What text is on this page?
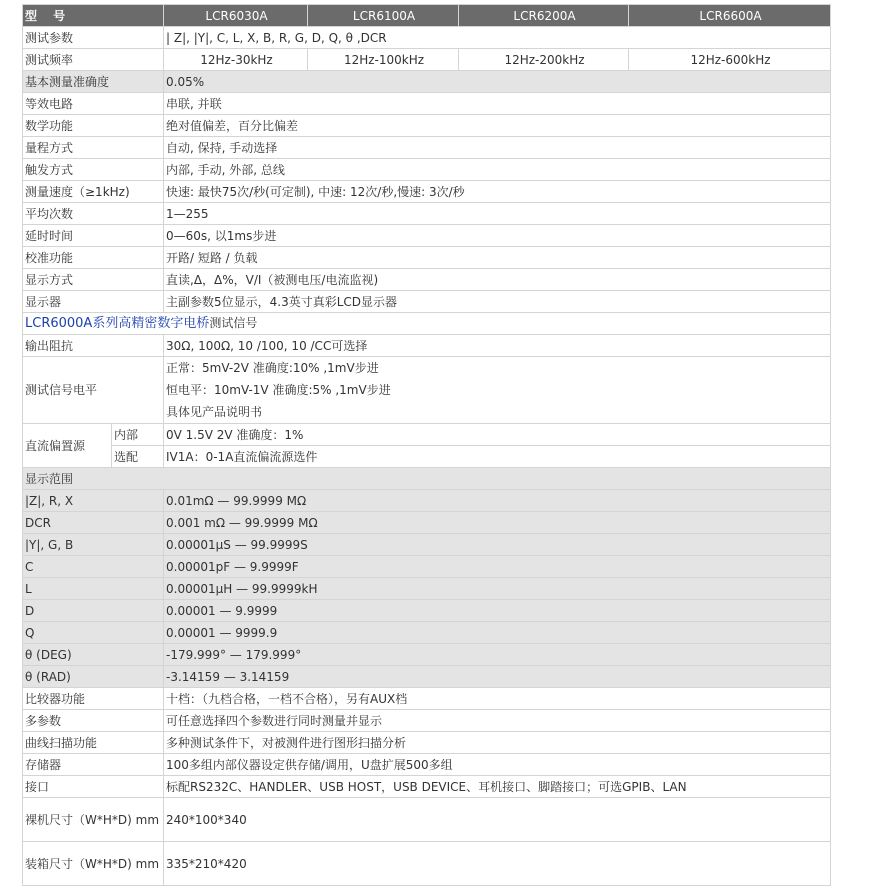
型 号		LCR6030A	LCR6100A	LCR6200A	LCR6600A
测试参数		| Z|, |Y|, C, L, X, B, R, G, D, Q, θ ,DCR			
测试频率		12Hz-30kHz	12Hz-100kHz	12Hz-200kHz	12Hz-600kHz
基本测量准确度		0.05%			
等效电路		串联, 并联			
数学功能		绝对值偏差，百分比偏差			
量程方式		自动, 保持, 手动选择			
触发方式		内部, 手动, 外部, 总线			
测量速度（≥1kHz)		快速: 最快75次/秒(可定制), 中速: 12次/秒,慢速: 3次/秒			
平均次数		1—255			
延时时间		0—60s, 以1ms步进			
校准功能		开路/ 短路 / 负载			
显示方式		直读,Δ，Δ%，V/I（被测电压/电流监视)			
显示器		主副参数5位显示，4.3英寸真彩LCD显示器			
LCR6000A系列高精密数字电桥测试信号					
输出阻抗		30Ω, 100Ω, 10 /100, 10 /CC可选择			
测试信号电平		正常：5mV-2V 准确度:10% ,1mV步进
恒电平：10mV-1V 准确度:5% ,1mV步进
具体见产品说明书			

直流偏置源	内部	0V 1.5V 2V 准确度：1%			
	选配	IV1A：0-1A直流偏流源选件			
显示范围					
|Z|, R, X		0.01mΩ — 99.9999 MΩ			
DCR		0.001 mΩ — 99.9999 MΩ			
|Y|, G, B		0.00001μS — 99.9999S			
C		0.00001pF — 9.9999F			
L		0.00001μH — 99.9999kH			
D		0.00001 — 9.9999			
Q		0.00001 — 9999.9			
θ (DEG)		-179.999° — 179.999°			
θ (RAD)		-3.14159 — 3.14159			
比较器功能		十档：（九档合格，一档不合格），另有AUX档			
多参数		可任意选择四个参数进行同时测量并显示			
曲线扫描功能		多种测试条件下，对被测件进行图形扫描分析			
存储器		100多组内部仪器设定供存储/调用，U盘扩展500多组			
接口		标配RS232C、HANDLER、USB HOST，USB DEVICE、耳机接口、脚踏接口；可选GPIB、LAN			
裸机尺寸（W*H*D) mm		240*100*340			
装箱尺寸（W*H*D) mm		335*210*420			
